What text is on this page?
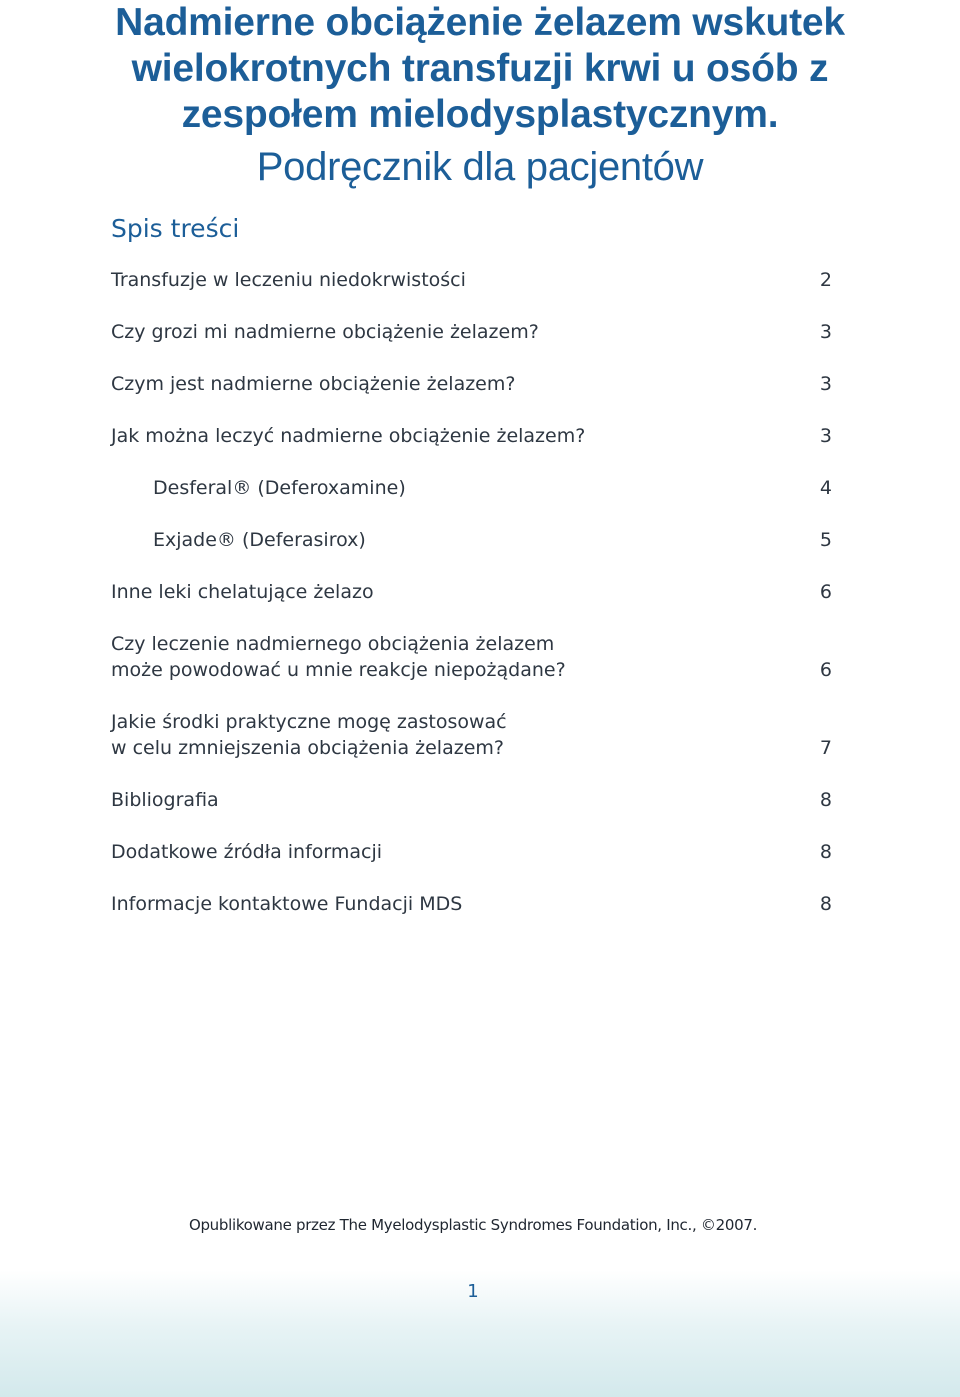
Nadmierne obciążenie żelazem wskutek
wielokrotnych transfuzji krwi u osób z
zespołem mielodysplastycznym.
Podręcznik dla pacjentów
Spis treści
Transfuzje w leczeniu niedokrwistości	2
Czy grozi mi nadmierne obciążenie żelazem?	3
Czym jest nadmierne obciążenie żelazem?	3
Jak można leczyć nadmierne obciążenie żelazem?	3
Desferal® (Deferoxamine)	4
Exjade® (Deferasirox)	5
Inne leki chelatujące żelazo	6
Czy leczenie nadmiernego obciążenia żelazem
może powodować u mnie reakcje niepożądane?	6
Jakie środki praktyczne mogę zastosować
w celu zmniejszenia obciążenia żelazem?	7
Bibliografia	8
Dodatkowe źródła informacji	8
Informacje kontaktowe Fundacji MDS	8

Opublikowane przez The Myelodysplastic Syndromes Foundation, Inc., ©2007.

1
